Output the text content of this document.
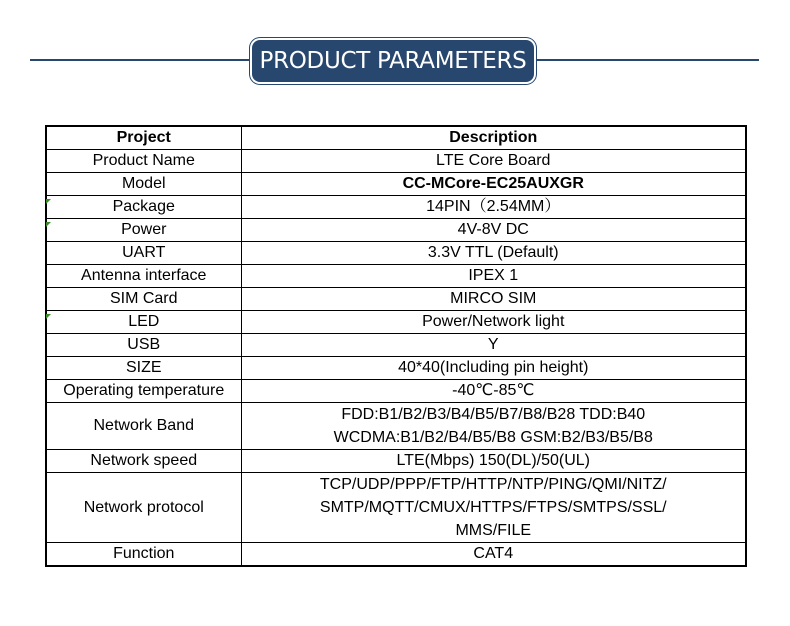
PRODUCT PARAMETERS
Project	Description
Product Name	LTE Core Board

Model	CC-MCore-EC25AUXGR

Package	14PIN（2.54MM）

Power	4V-8V DC

UART	3.3V TTL (Default)

Antenna interface	IPEX 1

SIM Card	MIRCO SIM

LED	Power/Network light

USB	Y

SIZE	40*40(Including pin height)

Operating temperature	-40℃-85℃

Network Band	FDD:B1/B2/B3/B4/B5/B7/B8/B28 TDD:B40
WCDMA:B1/B2/B4/B5/B8 GSM:B2/B3/B5/B8

Network speed	LTE(Mbps) 150(DL)/50(UL)

Network protocol	TCP/UDP/PPP/FTP/HTTP/NTP/PING/QMI/NITZ/
SMTP/MQTT/CMUX/HTTPS/FTPS/SMTPS/SSL/
MMS/FILE

Function	CAT4
